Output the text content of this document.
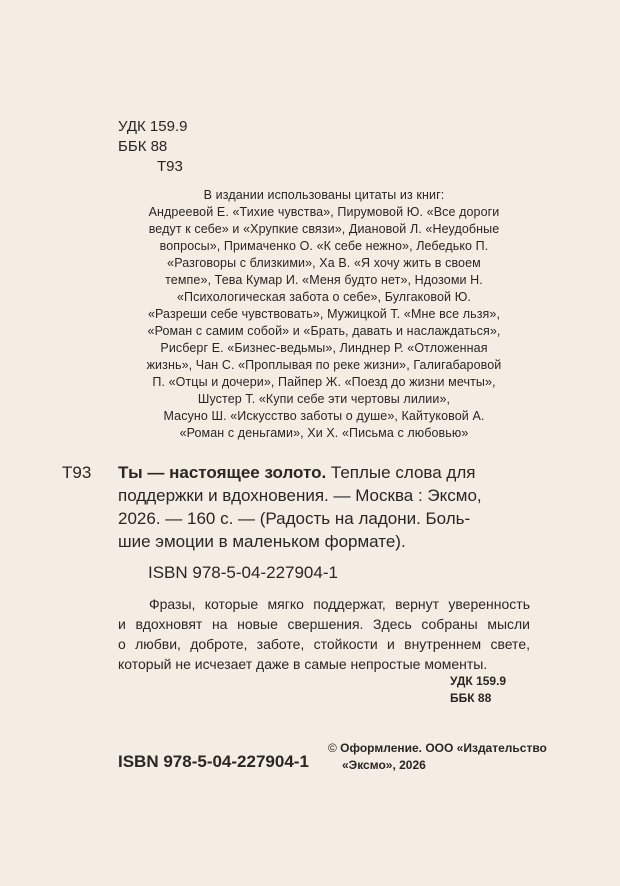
УДК 159.9
ББК 88
Т93
В издании использованы цитаты из книг:
Андреевой Е. «Тихие чувства», Пирумовой Ю. «Все дороги
ведут к себе» и «Хрупкие связи», Диановой Л. «Неудобные
вопросы», Примаченко О. «К себе нежно», Лебедько П.
«Разговоры с близкими», Ха В. «Я хочу жить в своем
темпе», Тева Кумар И. «Меня будто нет», Ндозоми Н.
«Психологическая забота о себе», Булгаковой Ю.
«Разреши себе чувствовать», Мужицкой Т. «Мне все льзя»,
«Роман с самим собой» и «Брать, давать и наслаждаться»,
Рисберг Е. «Бизнес-ведьмы», Линднер Р. «Отложенная
жизнь», Чан С. «Проплывая по реке жизни», Галигабаровой
П. «Отцы и дочери», Пайпер Ж. «Поезд до жизни мечты»,
Шустер Т. «Купи себе эти чертовы лилии»,
Масуно Ш. «Искусство заботы о душе», Кайтуковой А.
«Роман с деньгами», Хи Х. «Письма с любовью»
Т93 Ты — настоящее золото. Теплые слова для
поддержки и вдохновения. — Москва : Эксмо,
2026. — 160 с. — (Радость на ладони. Боль-
шие эмоции в маленьком формате).
ISBN 978-5-04-227904-1
Фразы, которые мягко поддержат, вернут уверенность
и вдохновят на новые свершения. Здесь собраны мысли
о любви, доброте, заботе, стойкости и внутреннем свете,
который не исчезает даже в самые непростые моменты.
УДК 159.9
ББК 88
ISBN 978-5-04-227904-1
© Оформление. ООО «Издательство
«Эксмо», 2026
